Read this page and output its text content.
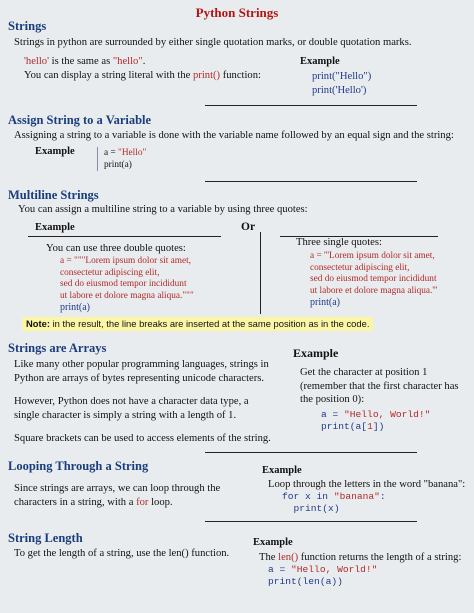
Python Strings
Strings
Strings in python are surrounded by either single quotation marks, or double quotation marks.
'hello' is the same as "hello".
You can display a string literal with the print() function:
Example
print("Hello")
print('Hello')
Assign String to a Variable
Assigning a string to a variable is done with the variable name followed by an equal sign and the string:
Example	a = "Hello"
print(a)
Multiline Strings
You can assign a multiline string to a variable by using three quotes:
Example	Or
You can use three double quotes:
a = """Lorem ipsum dolor sit amet,
consectetur adipiscing elit,
sed do eiusmod tempor incididunt
ut labore et dolore magna aliqua."""
print(a)
Three single quotes:
a = '''Lorem ipsum dolor sit amet,
consectetur adipiscing elit,
sed do eiusmod tempor incididunt
ut labore et dolore magna aliqua.'''
print(a)
Note: in the result, the line breaks are inserted at the same position as in the code.
Strings are Arrays
Like many other popular programming languages, strings in
Python are arrays of bytes representing unicode characters.
However, Python does not have a character data type, a
single character is simply a string with a length of 1.
Square brackets can be used to access elements of the string.
Example
Get the character at position 1
(remember that the first character has
the position 0):
a = "Hello, World!"
print(a[1])
Looping Through a String
Since strings are arrays, we can loop through the
characters in a string, with a for loop.
Example
Loop through the letters in the word "banana":
for x in "banana":
print(x)
String Length
To get the length of a string, use the len() function.
Example
The len() function returns the length of a string:
a = "Hello, World!"
print(len(a))
